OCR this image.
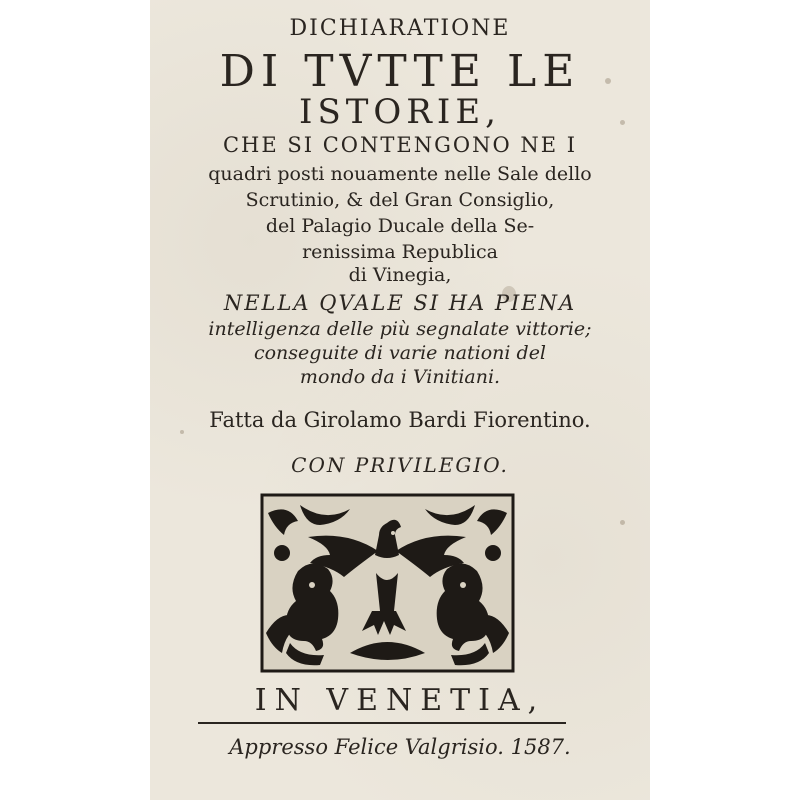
DICHIARATIONE

DI TVTTE LE

ISTORIE,

CHE SI CONTENGONO NE I

quadri posti nouamente nelle Sale dello

Scrutinio, & del Gran Consiglio,

del Palagio Ducale della Se-

renissima Republica

di Vinegia,

NELLA QVALE SI HA PIENA

intelligenza delle più segnalate vittorie;

conseguite di varie nationi del

mondo da i Vinitiani.

Fatta da Girolamo Bardi Fiorentino.

CON PRIVILEGIO.

IN VENETIA,

Appresso Felice Valgrisio. 1587.
